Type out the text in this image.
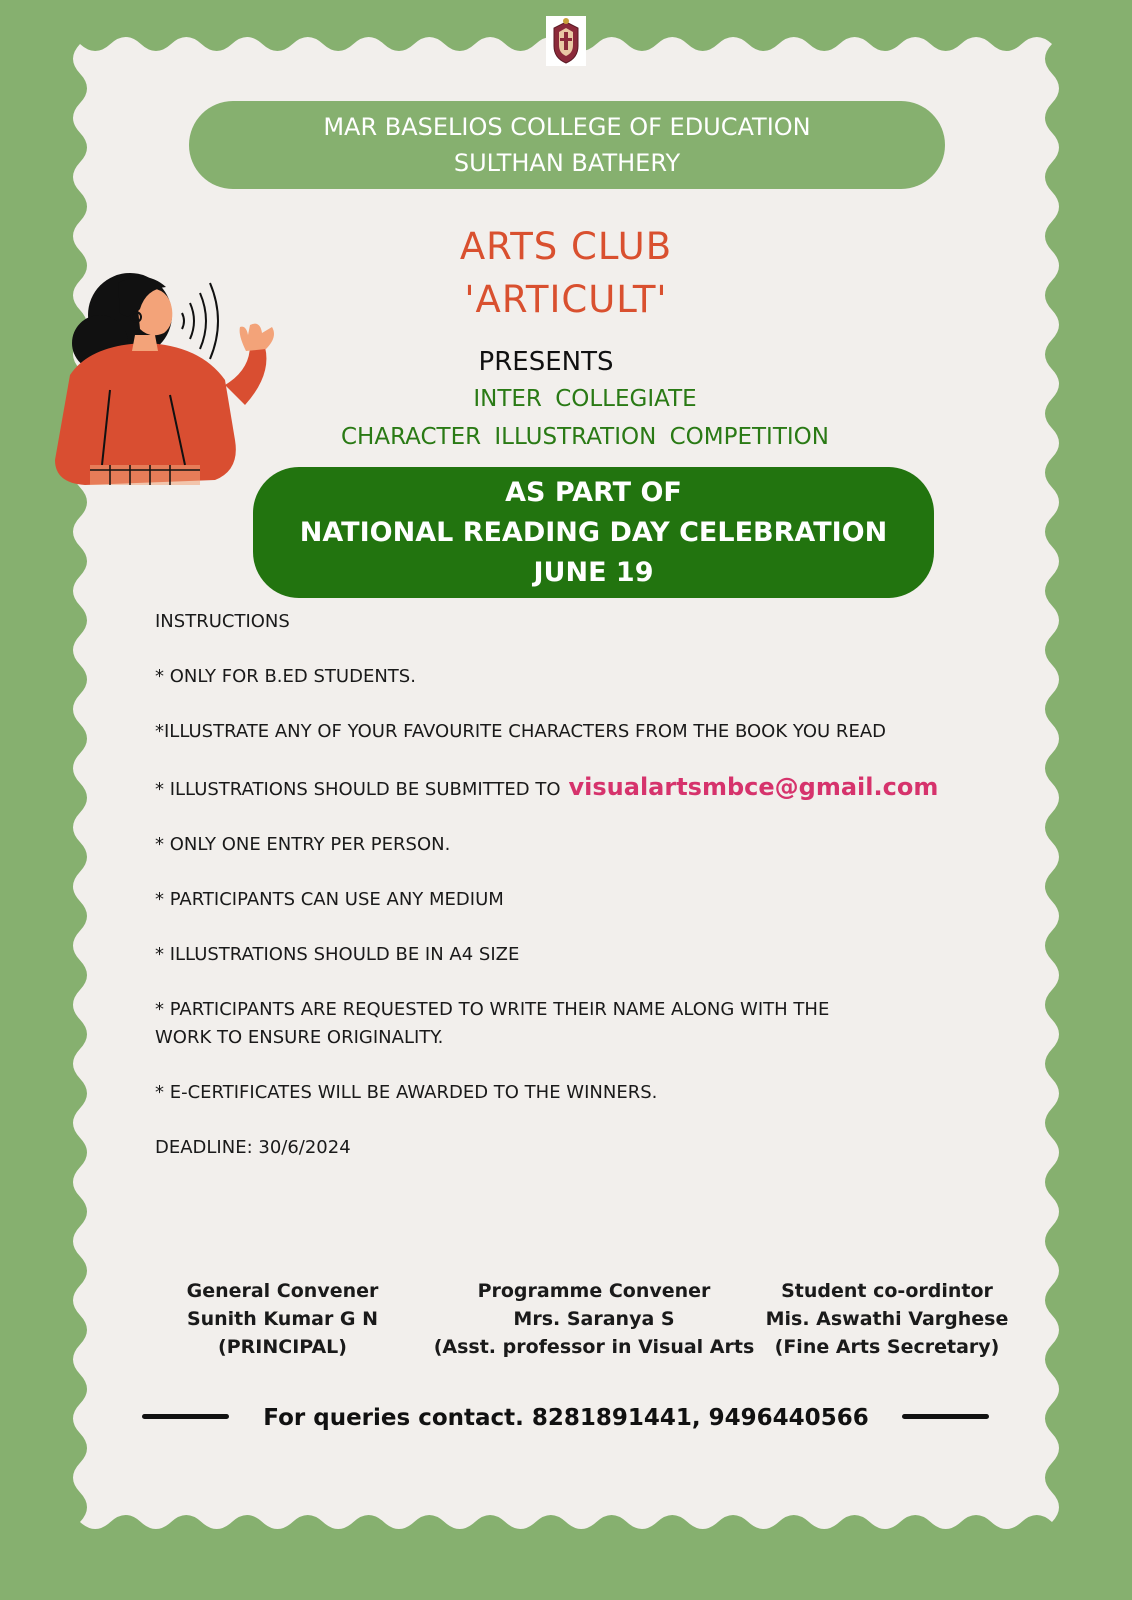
MAR BASELIOS COLLEGE OF EDUCATION
SULTHAN BATHERY
ARTS CLUB
'ARTICULT'
PRESENTS
INTER COLLEGIATE
CHARACTER ILLUSTRATION COMPETITION
AS PART OF
NATIONAL READING DAY CELEBRATION
JUNE 19
INSTRUCTIONS
* ONLY FOR B.ED STUDENTS.
*ILLUSTRATE ANY OF YOUR FAVOURITE CHARACTERS FROM THE BOOK YOU READ
* ILLUSTRATIONS SHOULD BE SUBMITTED TO visualartsmbce@gmail.com
* ONLY ONE ENTRY PER PERSON.
* PARTICIPANTS CAN USE ANY MEDIUM
* ILLUSTRATIONS SHOULD BE IN A4 SIZE
* PARTICIPANTS ARE REQUESTED TO WRITE THEIR NAME ALONG WITH THE WORK TO ENSURE ORIGINALITY.
* E-CERTIFICATES WILL BE AWARDED TO THE WINNERS.
DEADLINE: 30/6/2024
General Convener
Sunith Kumar G N
(PRINCIPAL)
Programme Convener
Mrs. Saranya S
(Asst. professor in Visual Arts
Student co-ordintor
Mis. Aswathi Varghese
(Fine Arts Secretary)
For queries contact. 8281891441, 9496440566
